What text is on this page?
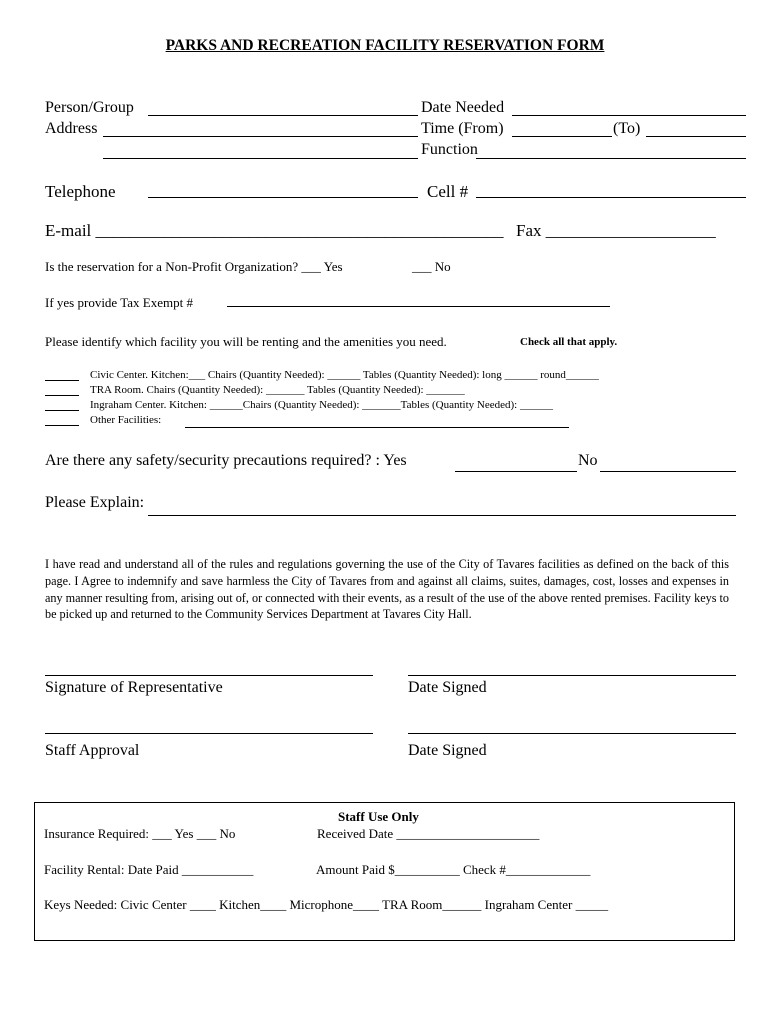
PARKS AND RECREATION FACILITY RESERVATION FORM
Person/Group	Date Needed
Address	Time (From)	(To)
Function
Telephone	Cell #
E-mail ________________________________________________ Fax ____________________
Is the reservation for a Non-Profit Organization? ___ Yes	___ No
If yes provide Tax Exempt #
Please identify which facility you will be renting and the amenities you need.	Check all that apply.
Civic Center. Kitchen:___ Chairs (Quantity Needed): ______ Tables (Quantity Needed): long ______ round______
TRA Room. Chairs (Quantity Needed): _______ Tables (Quantity Needed): _______
Ingraham Center. Kitchen: ______Chairs (Quantity Needed): _______Tables (Quantity Needed): ______
Other Facilities:
Are there any safety/security precautions required? : Yes	No
Please Explain:
I have read and understand all of the rules and regulations governing the use of the City of Tavares facilities as defined on the back of this page. I Agree to indemnify and save harmless the City of Tavares from and against all claims, suites, damages, cost, losses and expenses in any manner resulting from, arising out of, or connected with their events, as a result of the use of the above rented premises. Facility keys to be picked up and returned to the Community Services Department at Tavares City Hall.
Signature of Representative	Date Signed
Staff Approval	Date Signed
Staff Use Only
Insurance Required: ___ Yes ___ No	Received Date ______________________
Facility Rental: Date Paid ___________	Amount Paid $__________ Check #_____________
Keys Needed: Civic Center ____ Kitchen____ Microphone____ TRA Room______ Ingraham Center _____
